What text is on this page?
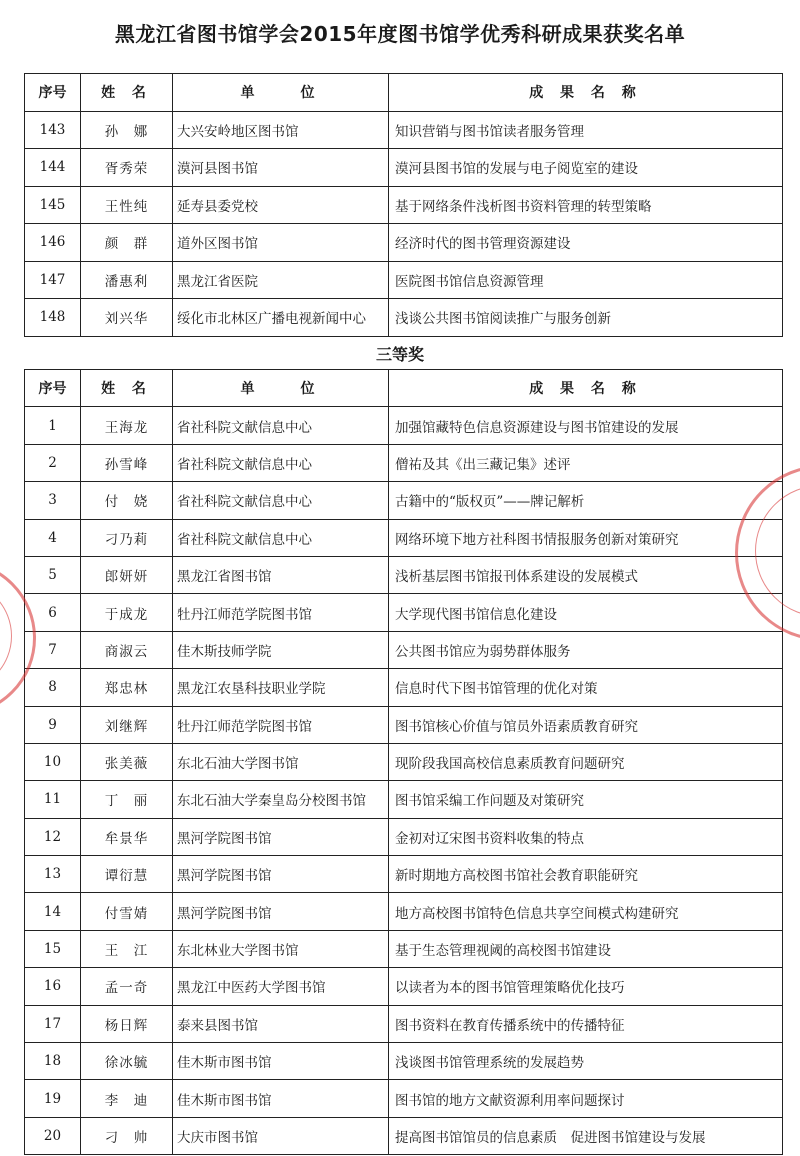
黑龙江省图书馆学会2015年度图书馆学优秀科研成果获奖名单
序号	姓 名	单　　位	成 果 名 称
143	孙　娜	大兴安岭地区图书馆	知识营销与图书馆读者服务管理
144	胥秀荣	漠河县图书馆	漠河县图书馆的发展与电子阅览室的建设
145	王性纯	延寿县委党校	基于网络条件浅析图书资料管理的转型策略
146	颜　群	道外区图书馆	经济时代的图书管理资源建设
147	潘惠利	黑龙江省医院	医院图书馆信息资源管理
148	刘兴华	绥化市北林区广播电视新闻中心	浅谈公共图书馆阅读推广与服务创新
三等奖
序号	姓 名	单　　位	成 果 名 称
1	王海龙	省社科院文献信息中心	加强馆藏特色信息资源建设与图书馆建设的发展
2	孙雪峰	省社科院文献信息中心	僧祐及其《出三藏记集》述评
3	付　娆	省社科院文献信息中心	古籍中的“版权页”——牌记解析
4	刁乃莉	省社科院文献信息中心	网络环境下地方社科图书情报服务创新对策研究
5	郎妍妍	黑龙江省图书馆	浅析基层图书馆报刊体系建设的发展模式
6	于成龙	牡丹江师范学院图书馆	大学现代图书馆信息化建设
7	商淑云	佳木斯技师学院	公共图书馆应为弱势群体服务
8	郑忠林	黑龙江农垦科技职业学院	信息时代下图书馆管理的优化对策
9	刘继辉	牡丹江师范学院图书馆	图书馆核心价值与馆员外语素质教育研究
10	张美薇	东北石油大学图书馆	现阶段我国高校信息素质教育问题研究
11	丁　丽	东北石油大学秦皇岛分校图书馆	图书馆采编工作问题及对策研究
12	牟景华	黑河学院图书馆	金初对辽宋图书资料收集的特点
13	谭衍慧	黑河学院图书馆	新时期地方高校图书馆社会教育职能研究
14	付雪婧	黑河学院图书馆	地方高校图书馆特色信息共享空间模式构建研究
15	王　江	东北林业大学图书馆	基于生态管理视阈的高校图书馆建设
16	孟一奇	黑龙江中医药大学图书馆	以读者为本的图书馆管理策略优化技巧
17	杨日辉	泰来县图书馆	图书资料在教育传播系统中的传播特征
18	徐冰毓	佳木斯市图书馆	浅谈图书馆管理系统的发展趋势
19	李　迪	佳木斯市图书馆	图书馆的地方文献资源利用率问题探讨
20	刁　帅	大庆市图书馆	提高图书馆馆员的信息素质　促进图书馆建设与发展
